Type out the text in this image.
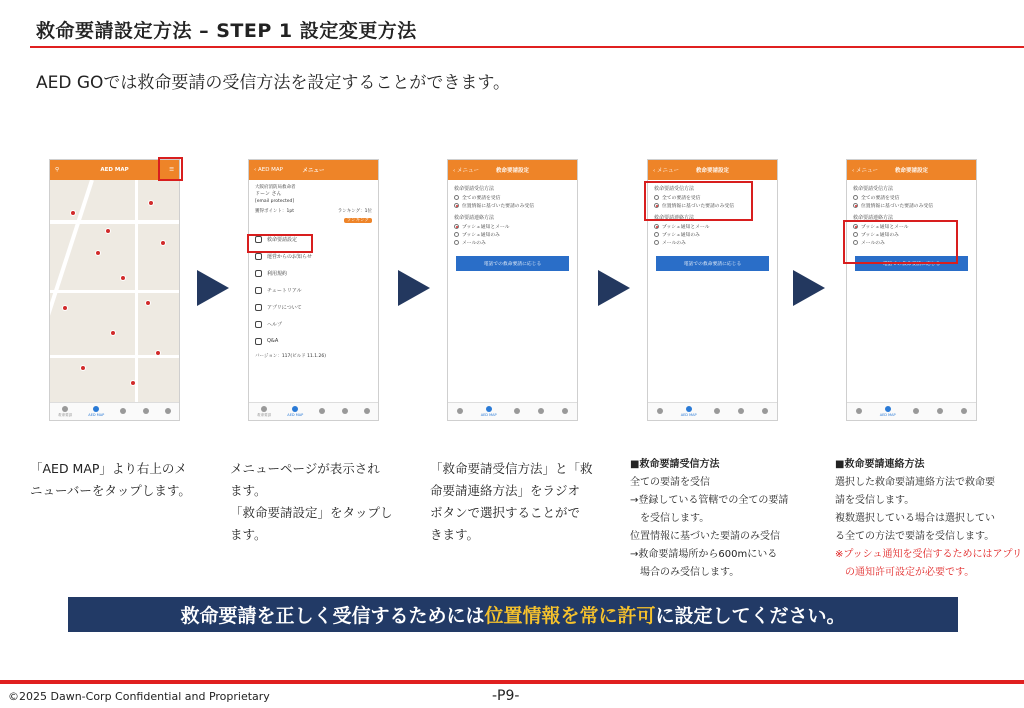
救命要請設定方法 – STEP 1 設定変更方法
AED GOでは救命要請の受信方法を設定することができます。
⚲	AED MAP	☰
救命要請	AED MAP
‹ AED MAP	メニュー
大阪府消防局救命者
ドーン さん
[email protected]
獲得ポイント：1pt	ランキング：1位
ランキング
救命要請設定
運営からのお知らせ
利用規約
チュートリアル
アプリについて
ヘルプ
Q&A
バージョン：117(ビルド 11.1.26)
救命要請	AED MAP
‹ メニュー	救命要請設定
救命要請受信方法
全ての要請を受信
位置情報に基づいた要請のみ受信
救命要請連絡方法
プッシュ通知とメール
プッシュ通知のみ
メールのみ
電話での救命要請に応じる
AED MAP
‹ メニュー	救命要請設定
救命要請受信方法
全ての要請を受信
位置情報に基づいた要請のみ受信
救命要請連絡方法
プッシュ通知とメール
プッシュ通知のみ
メールのみ
電話での救命要請に応じる
AED MAP
‹ メニュー	救命要請設定
救命要請受信方法
全ての要請を受信
位置情報に基づいた要請のみ受信
救命要請連絡方法
プッシュ通知とメール
プッシュ通知のみ
メールのみ
電話での救命要請に応じる
AED MAP
「AED MAP」より右上のメ
ニューバーをタップします。
メニューページが表示され
ます。
「救命要請設定」をタップし
ます。
「救命要請受信方法」と「救
命要請連絡方法」をラジオ
ボタンで選択することがで
きます。
■救命要請受信方法
全ての要請を受信
→登録している管轄での全ての要請
　を受信します。
位置情報に基づいた要請のみ受信
→救命要請場所から600mにいる
　場合のみ受信します。
■救命要請連絡方法
選択した救命要請連絡方法で救命要
請を受信します。
複数選択している場合は選択してい
る全ての方法で要請を受信します。
※プッシュ通知を受信するためにはアプリ
　の通知許可設定が必要です。
救命要請を正しく受信するためには 位置情報を常に許可 に設定してください。
©2025 Dawn-Corp Confidential and Proprietary	-P9-
